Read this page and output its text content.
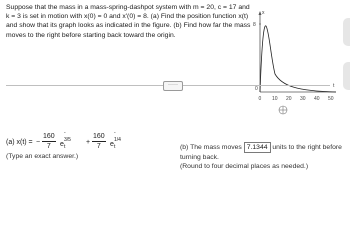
Suppose that the mass in a mass-spring-dashpot system with m = 20, c = 17 and k = 3 is set in motion with x(0) = 0 and x'(0) = 8. (a) Find the position function x(t) and show that its graph looks as indicated in the figure. (b) Find how far the mass moves to the right before starting back toward the origin.
x
8
0	t
0 10 20 30 40 50
·····
(a) x(t) = − $\frac{160}{7}$ e
- 3/5 t
+ $\frac{160}{7}$ e
- 1/4 t
(Type an exact answer.)
(b) The mass moves 7.1344 units to the right before turning back.
(Round to four decimal places as needed.)
